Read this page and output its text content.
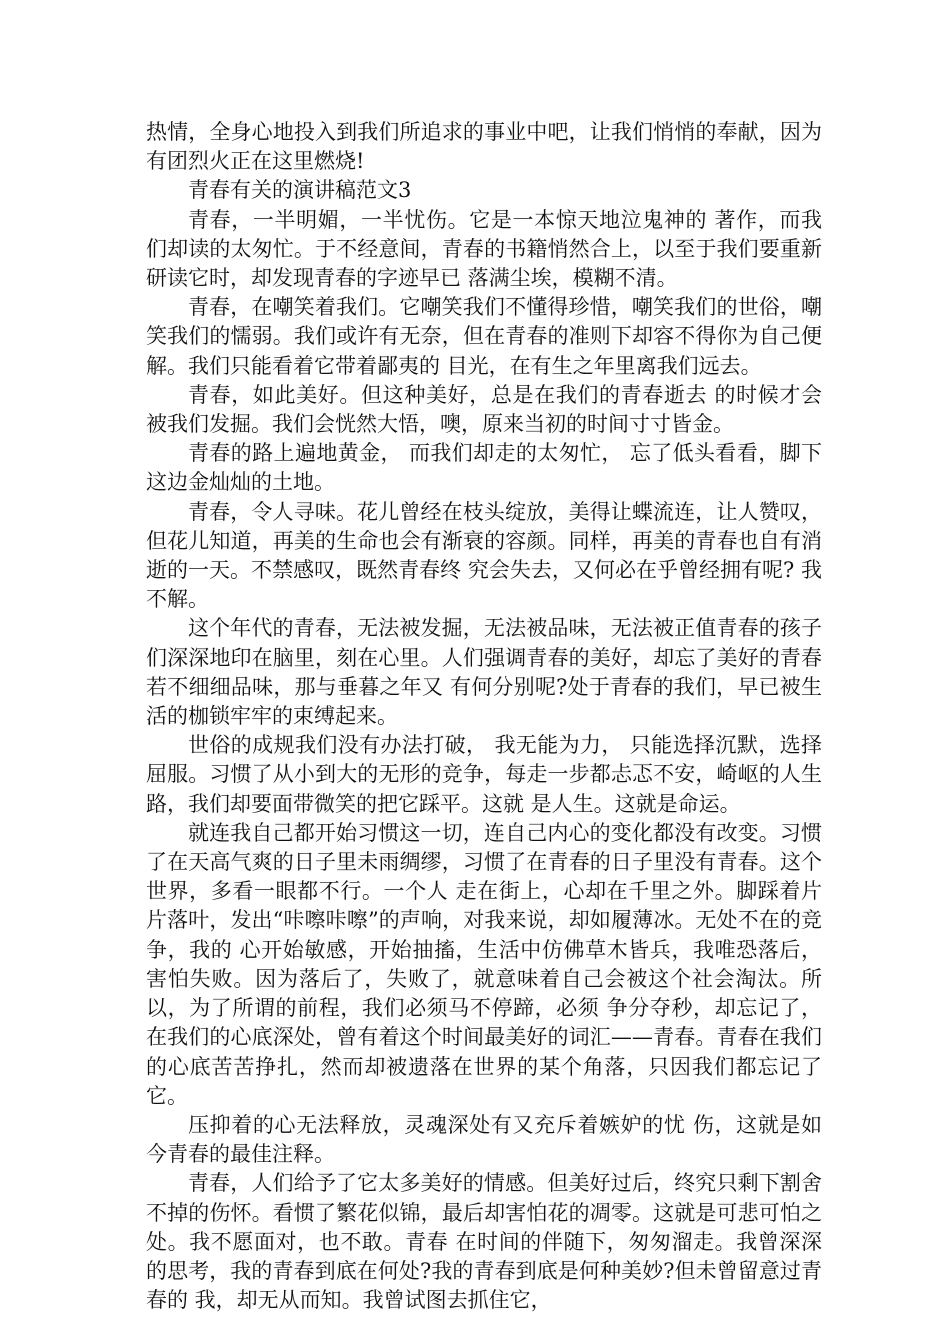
热情，全身心地投入到我们所追求的事业中吧，让我们悄悄的奉献，因为有团烈火正在这里燃烧!

青春有关的演讲稿范文3

青春，一半明媚，一半忧伤。它是一本惊天地泣鬼神的 著作，而我们却读的太匆忙。于不经意间，青春的书籍悄然合上，以至于我们要重新研读它时，却发现青春的字迹早已 落满尘埃，模糊不清。

青春，在嘲笑着我们。它嘲笑我们不懂得珍惜，嘲笑我们的世俗，嘲笑我们的懦弱。我们或许有无奈，但在青春的准则下却容不得你为自己便解。我们只能看着它带着鄙夷的 目光，在有生之年里离我们远去。

青春，如此美好。但这种美好，总是在我们的青春逝去 的时候才会被我们发掘。我们会恍然大悟，噢，原来当初的时间寸寸皆金。

青春的路上遍地黄金， 而我们却走的太匆忙， 忘了低头看看，脚下这边金灿灿的土地。

青春，令人寻味。花儿曾经在枝头绽放，美得让蝶流连，让人赞叹，但花儿知道，再美的生命也会有渐衰的容颜。同样，再美的青春也自有消逝的一天。不禁感叹，既然青春终 究会失去，又何必在乎曾经拥有呢? 我不解。

这个年代的青春，无法被发掘，无法被品味，无法被正值青春的孩子们深深地印在脑里，刻在心里。人们强调青春的美好，却忘了美好的青春若不细细品味，那与垂暮之年又 有何分别呢?处于青春的我们，早已被生活的枷锁牢牢的束缚起来。

世俗的成规我们没有办法打破， 我无能为力， 只能选择沉默，选择屈服。习惯了从小到大的无形的竞争，每走一步都忐忑不安，崎岖的人生路，我们却要面带微笑的把它踩平。这就 是人生。这就是命运。

就连我自己都开始习惯这一切，连自己内心的变化都没有改变。习惯了在天高气爽的日子里未雨绸缪，习惯了在青春的日子里没有青春。这个世界，多看一眼都不行。一个人 走在街上，心却在千里之外。脚踩着片片落叶，发出“咔嚓咔嚓”的声响，对我来说，却如履薄冰。无处不在的竞争，我的 心开始敏感，开始抽搐，生活中仿佛草木皆兵，我唯恐落后，害怕失败。因为落后了，失败了，就意味着自己会被这个社会淘汰。所以，为了所谓的前程，我们必须马不停蹄，必须 争分夺秒，却忘记了，在我们的心底深处，曾有着这个时间最美好的词汇——青春。青春在我们的心底苦苦挣扎，然而却被遗落在世界的某个角落，只因我们都忘记了它。

压抑着的心无法释放，灵魂深处有又充斥着嫉妒的忧 伤，这就是如今青春的最佳注释。

青春，人们给予了它太多美好的情感。但美好过后，终究只剩下割舍不掉的伤怀。看惯了繁花似锦，最后却害怕花的凋零。这就是可悲可怕之处。我不愿面对，也不敢。青春 在时间的伴随下，匆匆溜走。我曾深深的思考，我的青春到底在何处?我的青春到底是何种美妙?但未曾留意过青春的 我，却无从而知。我曾试图去抓住它，
